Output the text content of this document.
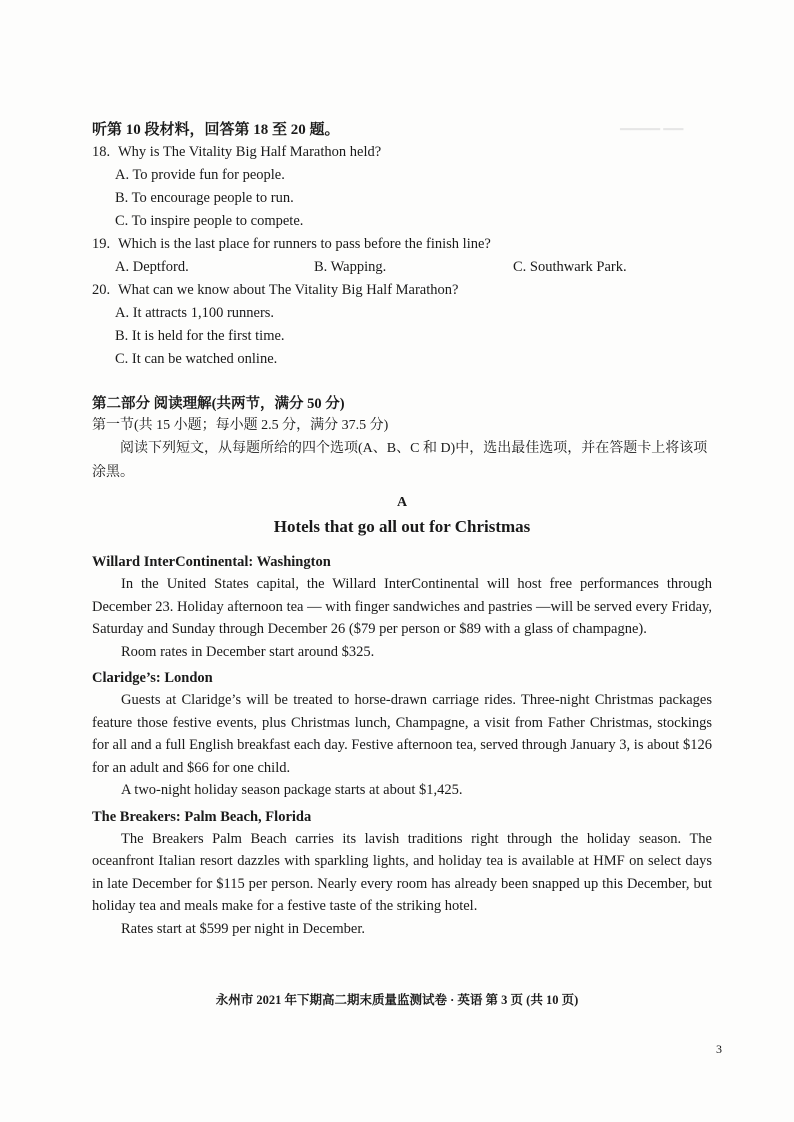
▁▁▁▁ ▁▁
听第 10 段材料，回答第 18 至 20 题。
18. Why is The Vitality Big Half Marathon held?
A. To provide fun for people.
B. To encourage people to run.
C. To inspire people to compete.
19. Which is the last place for runners to pass before the finish line?
A. Deptford.	B. Wapping.	C. Southwark Park.
20. What can we know about The Vitality Big Half Marathon?
A. It attracts 1,100 runners.
B. It is held for the first time.
C. It can be watched online.
第二部分 阅读理解(共两节，满分 50 分)
第一节(共 15 小题；每小题 2.5 分，满分 37.5 分)
阅读下列短文，从每题所给的四个选项(A、B、C 和 D)中，选出最佳选项，并在答题卡上将该项涂黑。
A
Hotels that go all out for Christmas
Willard InterContinental: Washington

In the United States capital, the Willard InterContinental will host free performances through December 23. Holiday afternoon tea — with finger sandwiches and pastries —will be served every Friday, Saturday and Sunday through December 26 ($79 per person or $89 with a glass of champagne).

Room rates in December start around $325.

Claridge’s: London

Guests at Claridge’s will be treated to horse-drawn carriage rides. Three-night Christmas packages feature those festive events, plus Christmas lunch, Champagne, a visit from Father Christmas, stockings for all and a full English breakfast each day. Festive afternoon tea, served through January 3, is about $126 for an adult and $66 for one child.

A two-night holiday season package starts at about $1,425.

The Breakers: Palm Beach, Florida

The Breakers Palm Beach carries its lavish traditions right through the holiday season. The oceanfront Italian resort dazzles with sparkling lights, and holiday tea is available at HMF on select days in late December for $115 per person. Nearly every room has already been snapped up this December, but holiday tea and meals make for a festive taste of the striking hotel.

Rates start at $599 per night in December.

永州市 2021 年下期高二期末质量监测试卷 · 英语 第 3 页 (共 10 页)
3
